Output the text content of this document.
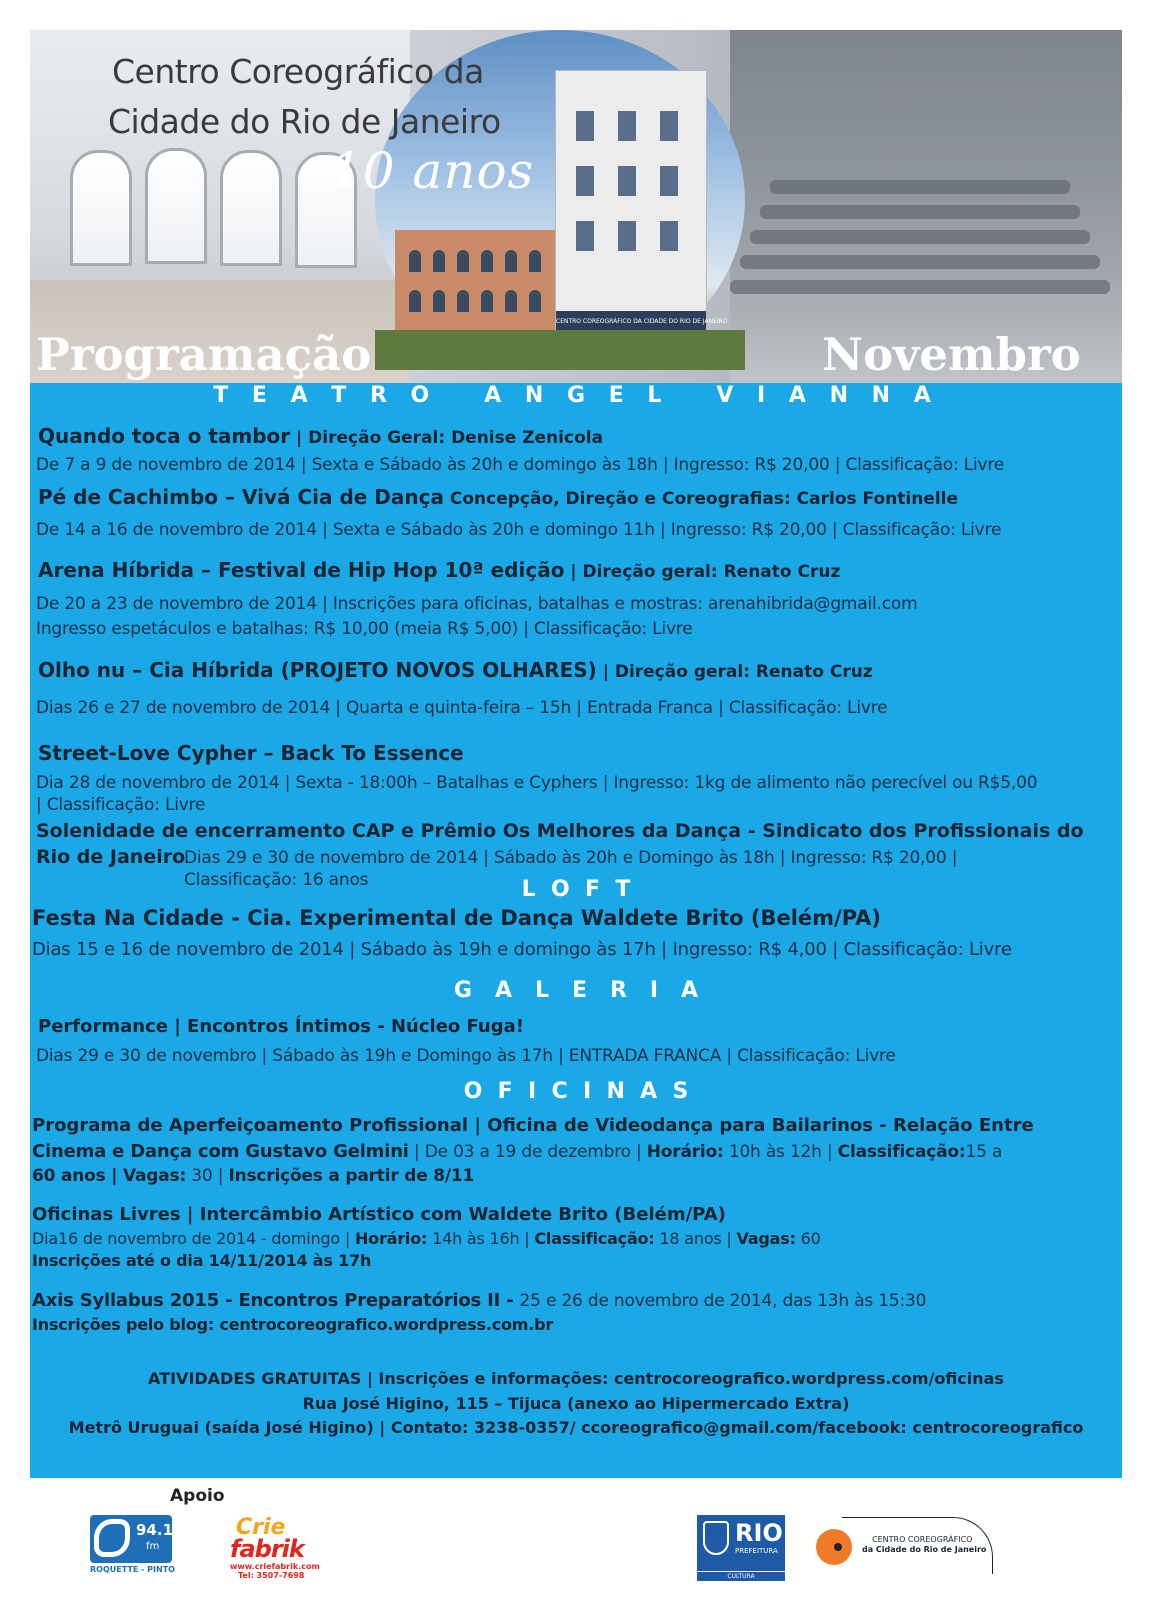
CENTRO COREOGRÁFICO DA CIDADE DO RIO DE JANEIRO
Centro Coreográfico da
Cidade do Rio de Janeiro
10 anos
Programação	Novembro
T E A T R O   A N G E L   V I A N N A
Quando toca o tambor | Direção Geral: Denise Zenicola
De 7 a 9 de novembro de 2014 | Sexta e Sábado às 20h e domingo às 18h | Ingresso: R$ 20,00 | Classificação: Livre
Pé de Cachimbo – Vivá Cia de Dança Concepção, Direção e Coreografias: Carlos Fontinelle
De 14 a 16 de novembro de 2014 | Sexta e Sábado às 20h e domingo 11h | Ingresso: R$ 20,00 | Classificação: Livre
Arena Híbrida – Festival de Hip Hop 10ª edição | Direção geral: Renato Cruz
De 20 a 23 de novembro de 2014 | Inscrições para oficinas, batalhas e mostras: arenahibrida@gmail.com
Ingresso espetáculos e batalhas: R$ 10,00 (meia R$ 5,00) | Classificação: Livre
Olho nu – Cia Híbrida (PROJETO NOVOS OLHARES) | Direção geral: Renato Cruz
Dias 26 e 27 de novembro de 2014 | Quarta e quinta-feira – 15h | Entrada Franca | Classificação: Livre
Street-Love Cypher – Back To Essence
Dia 28 de novembro de 2014 | Sexta - 18:00h – Batalhas e Cyphers | Ingresso: 1kg de alimento não perecível ou R$5,00
| Classificação: Livre
Solenidade de encerramento CAP e Prêmio Os Melhores da Dança - Sindicato dos Profissionais do
Rio de Janeiro
Dias 29 e 30 de novembro de 2014 | Sábado às 20h e Domingo às 18h | Ingresso: R$ 20,00 |
Classificação: 16 anos	L  O  F  T
Festa Na Cidade - Cia. Experimental de Dança Waldete Brito (Belém/PA)
Dias 15 e 16 de novembro de 2014 | Sábado às 19h e domingo às 17h | Ingresso: R$ 4,00 | Classificação: Livre
G   A   L   E   R   I   A
Performance | Encontros Íntimos - Núcleo Fuga!
Dias 29 e 30 de novembro | Sábado às 19h e Domingo às 17h | ENTRADA FRANCA | Classificação: Livre
O  F  I  C  I  N  A  S
Programa de Aperfeiçoamento Profissional | Oficina de Videodança para Bailarinos - Relação Entre
Cinema e Dança com Gustavo Gelmini | De 03 a 19 de dezembro | Horário: 10h às 12h | Classificação:15 a
60 anos | Vagas: 30 | Inscrições a partir de 8/11
Oficinas Livres | Intercâmbio Artístico com Waldete Brito (Belém/PA)
Dia16 de novembro de 2014 - domingo | Horário: 14h às 16h | Classificação: 18 anos | Vagas: 60
Inscrições até o dia 14/11/2014 às 17h
Axis Syllabus 2015 - Encontros Preparatórios II - 25 e 26 de novembro de 2014, das 13h às 15:30
Inscrições pelo blog: centrocoreografico.wordpress.com.br
ATIVIDADES GRATUITAS | Inscrições e informações: centrocoreografico.wordpress.com/oficinas
Rua José Higino, 115 – Tijuca (anexo ao Hipermercado Extra)
Metrô Uruguai (saída José Higino) | Contato: 3238-0357/ ccoreografico@gmail.com/facebook: centrocoreografico
Apoio
94.1
fm
ROQUETTE - PINTO
Crie
fabrik
www.criefabrik.com
Tel: 3507-7698
RIO
PREFEITURA
CULTURA
CENTRO COREOGRÁFICO
da Cidade do Rio de Janeiro
